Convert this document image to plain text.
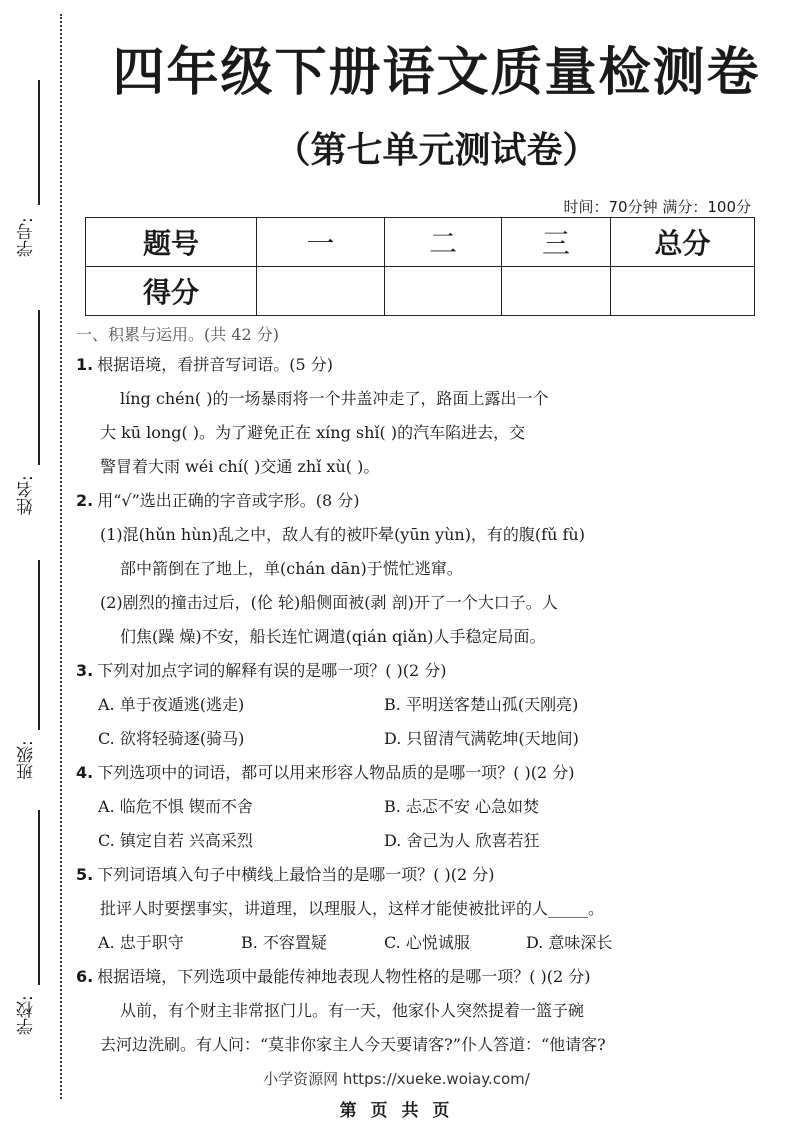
学号:
姓名:
班级:
学校:
四年级下册语文质量检测卷
（第七单元测试卷）
时间：70分钟 满分：100分
题号	一	二	三	总分
得分				
一、积累与运用。(共 42 分)
1. 根据语境，看拼音写词语。(5 分)
líng chén( )的一场暴雨将一个井盖冲走了，路面上露出一个
大 kū long( )。为了避免正在 xíng shǐ( )的汽车陷进去，交
警冒着大雨 wéi chí( )交通 zhǐ xù( )。
2. 用“√”选出正确的字音或字形。(8 分)
(1)混(hǔn hùn)乱之中，敌人有的被吓晕(yūn yùn)，有的腹(fǔ fù)
部中箭倒在了地上，单(chán dān)于慌忙逃窜。
(2)剧烈的撞击过后，(伦 轮)船侧面被(剥 剖)开了一个大口子。人
们焦(躁 燥)不安，船长连忙调遣(qián qiǎn)人手稳定局面。
3. 下列对加点字词的解释有误的是哪一项？( )(2 分)
A. 单于夜遁逃(逃走)	B. 平明送客楚山孤(天刚亮)
C. 欲将轻骑逐(骑马)	D. 只留清气满乾坤(天地间)
4. 下列选项中的词语，都可以用来形容人物品质的是哪一项？( )(2 分)
A. 临危不惧 锲而不舍	B. 忐忑不安 心急如焚
C. 镇定自若 兴高采烈	D. 舍己为人 欣喜若狂
5. 下列词语填入句子中横线上最恰当的是哪一项？( )(2 分)
批评人时要摆事实，讲道理，以理服人，这样才能使被批评的人_____。
A. 忠于职守	B. 不容置疑	C. 心悦诚服	D. 意味深长
6. 根据语境，下列选项中最能传神地表现人物性格的是哪一项？( )(2 分)
从前，有个财主非常抠门儿。有一天，他家仆人突然提着一篮子碗
去河边洗刷。有人问：“莫非你家主人今天要请客?”仆人答道：“他请客?
小学资源网 https://xueke.woiay.com/
第 页 共 页
